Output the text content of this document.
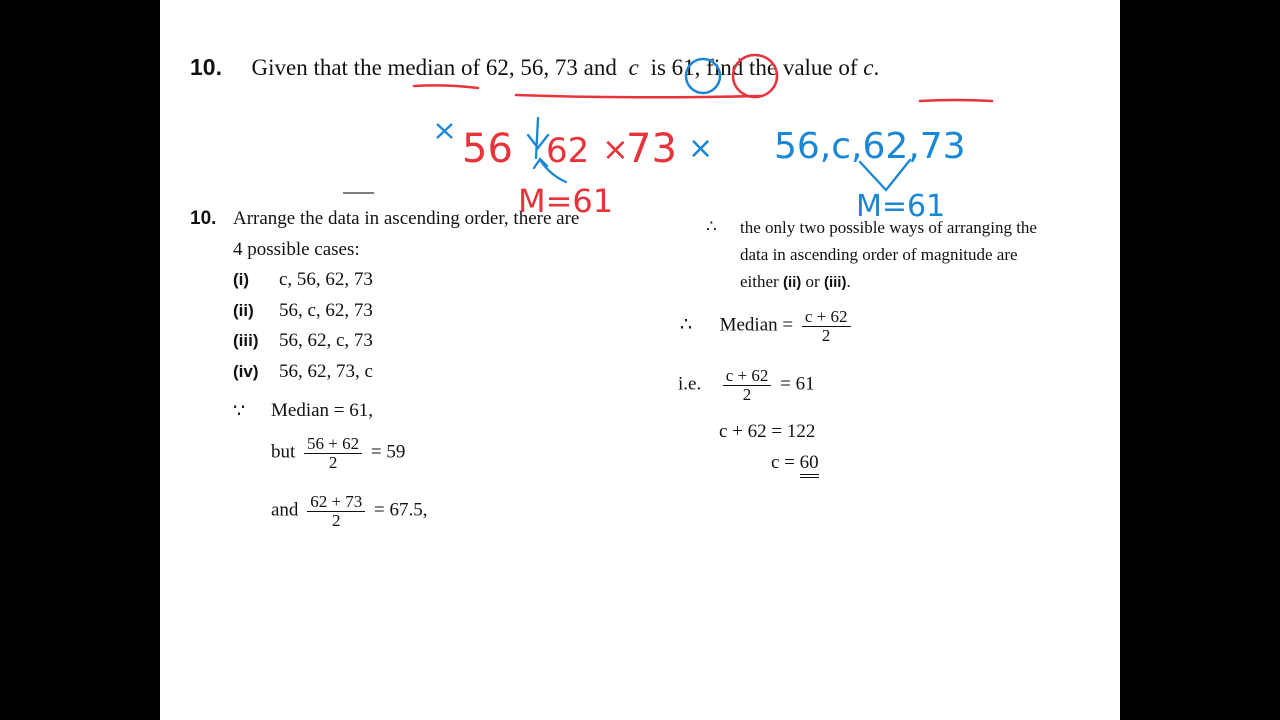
10. Given that the median of 62, 56, 73 and c is 61, find the value of c.
10. Arrange the data in ascending order, there are
4 possible cases:
(i) c, 56, 62, 73
(ii) 56, c, 62, 73
(iii) 56, 62, c, 73
(iv) 56, 62, 73, c
∵ Median = 61,
but $\frac{56 + 62}{2} = 59$
and $\frac{62 + 73}{2} = 67.5$,
∴ the only two possible ways of arranging the
data in ascending order of magnitude are
either (ii) or (iii).
∴ Median = $\frac{c + 62}{2}$
i.e. $\frac{c + 62}{2} = 61$
c + 62 = 122
c = 60
56 62 ×
73 ×
M=61
56,c,62,73
M=61
